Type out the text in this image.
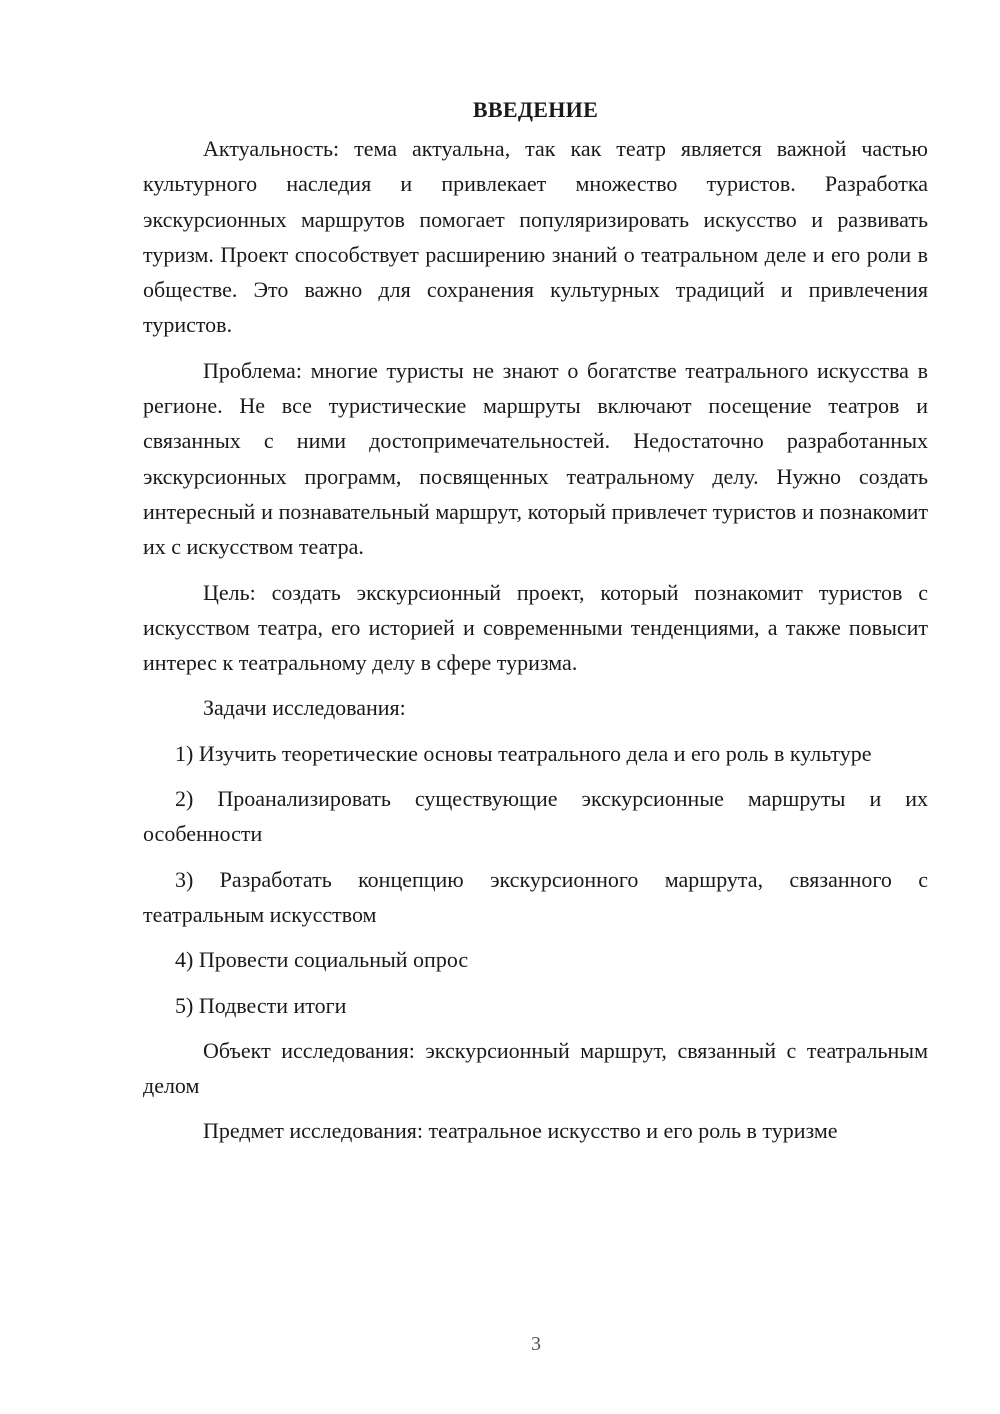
ВВЕДЕНИЕ

Актуальность: тема актуальна, так как театр является важной частью культурного наследия и привлекает множество туристов. Разработка экскурсионных маршрутов помогает популяризировать искусство и развивать туризм. Проект способствует расширению знаний о театральном деле и его роли в обществе. Это важно для сохранения культурных традиций и привлечения туристов.

Проблема: многие туристы не знают о богатстве театрального искусства в регионе. Не все туристические маршруты включают посещение театров и связанных с ними достопримечательностей. Недостаточно разработанных экскурсионных программ, посвященных театральному делу. Нужно создать интересный и познавательный маршрут, который привлечет туристов и познакомит их с искусством театра.

Цель: создать экскурсионный проект, который познакомит туристов с искусством театра, его историей и современными тенденциями, а также повысит интерес к театральному делу в сфере туризма.

Задачи исследования:

1) Изучить теоретические основы театрального дела и его роль в культуре

2) Проанализировать существующие экскурсионные маршруты и их особенности

3) Разработать концепцию экскурсионного маршрута, связанного с театральным искусством

4) Провести социальный опрос

5) Подвести итоги

Объект исследования: экскурсионный маршрут, связанный с театральным делом

Предмет исследования: театральное искусство и его роль в туризме

3
